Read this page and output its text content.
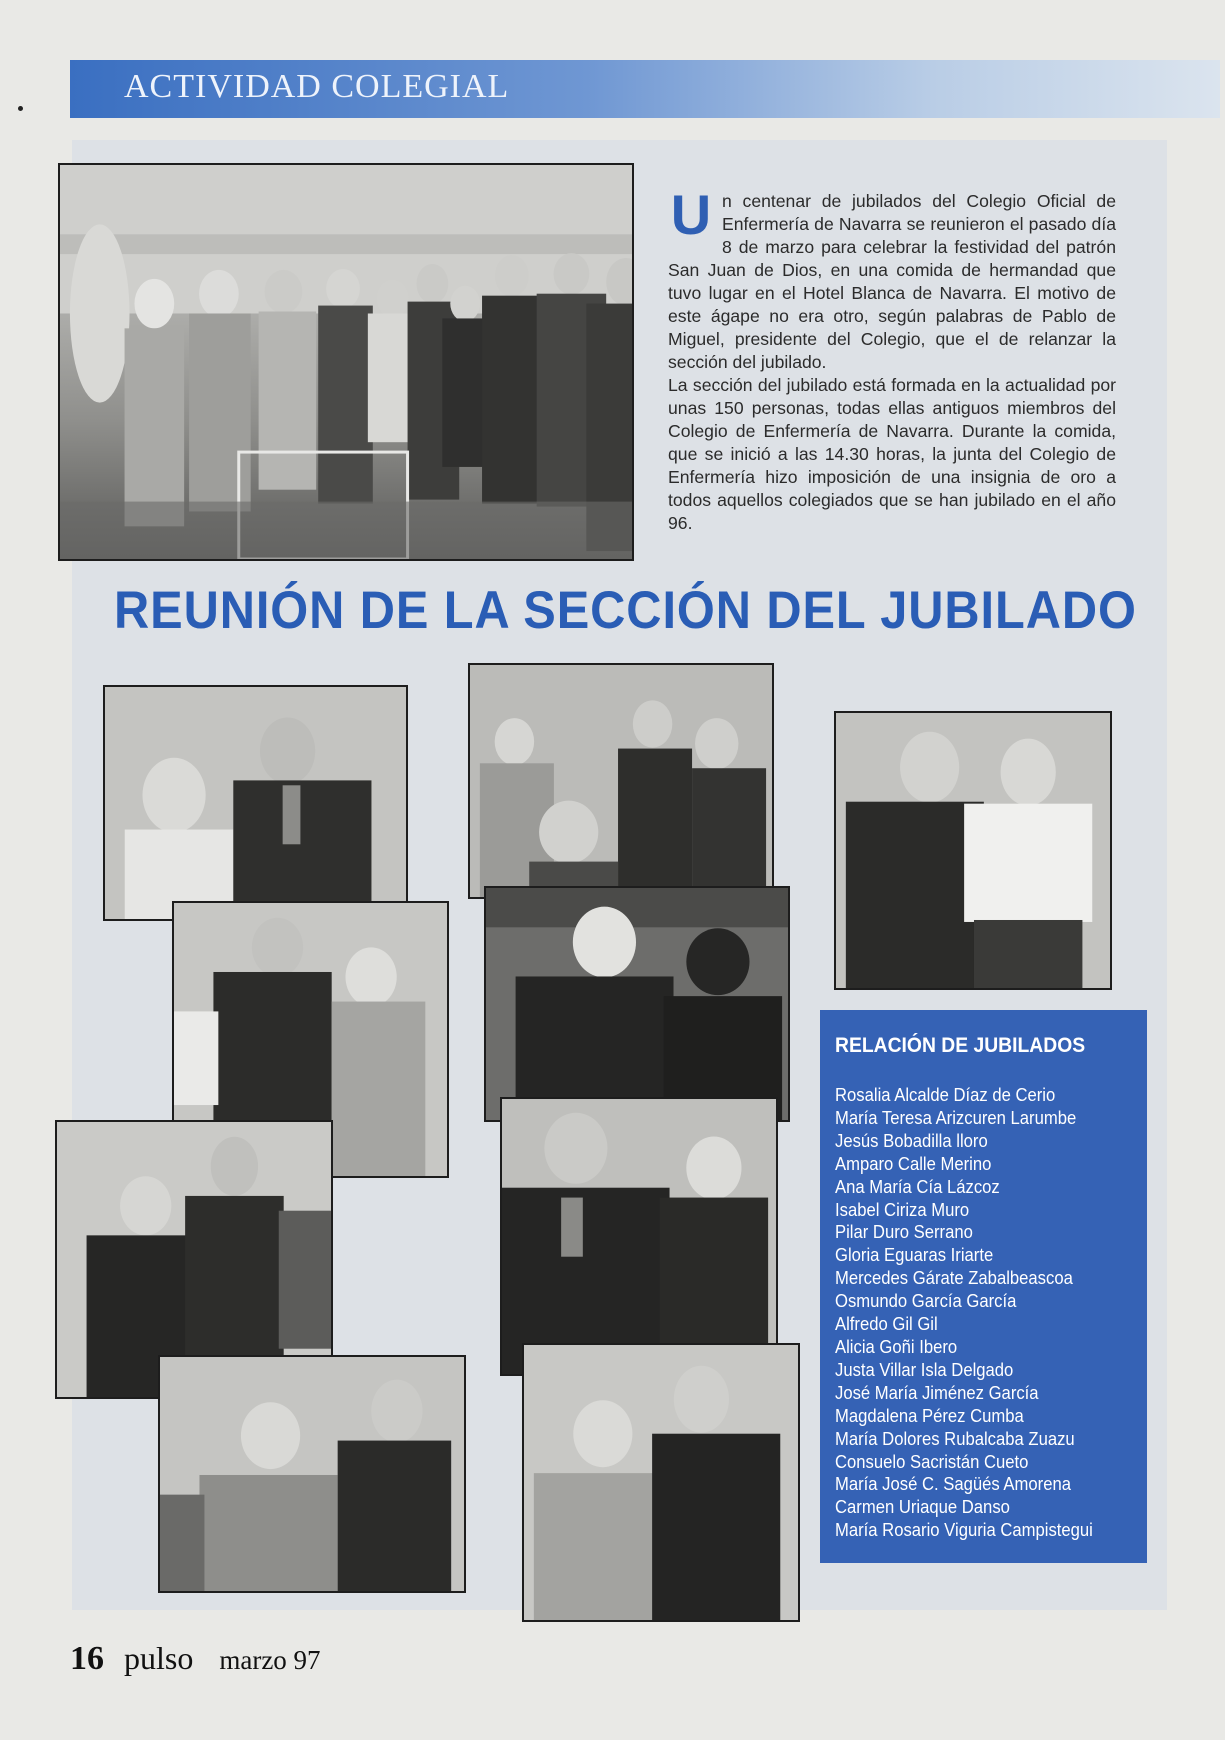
ACTIVIDAD COLEGIAL

Un centenar de jubilados del Colegio Oficial de Enfermería de Navarra se reunieron el pasado día 8 de marzo para celebrar la festividad del patrón San Juan de Dios, en una comida de hermandad que tuvo lugar en el Hotel Blanca de Navarra. El motivo de este ágape no era otro, según palabras de Pablo de Miguel, presidente del Colegio, que el de relanzar la sección del jubilado.

La sección del jubilado está formada en la actualidad por unas 150 personas, todas ellas antiguos miembros del Colegio de Enfermería de Navarra. Durante la comida, que se inició a las 14.30 horas, la junta del Colegio de Enfermería hizo imposición de una insignia de oro a todos aquellos colegiados que se han jubilado en el año 96.

REUNIÓN DE LA SECCIÓN DEL JUBILADO
RELACIÓN DE JUBILADOS
Rosalia Alcalde Díaz de Cerio
María Teresa Arizcuren Larumbe
Jesús Bobadilla lloro
Amparo Calle Merino
Ana María Cía Lázcoz
Isabel Ciriza Muro
Pilar Duro Serrano
Gloria Eguaras Iriarte
Mercedes Gárate Zabalbeascoa
Osmundo García García
Alfredo Gil Gil
Alicia Goñi Ibero
Justa Villar Isla Delgado
José María Jiménez García
Magdalena Pérez Cumba
María Dolores Rubalcaba Zuazu
Consuelo Sacristán Cueto
María José C. Sagüés Amorena
Carmen Uriaque Danso
María Rosario Viguria Campistegui
16 pulso marzo 97
